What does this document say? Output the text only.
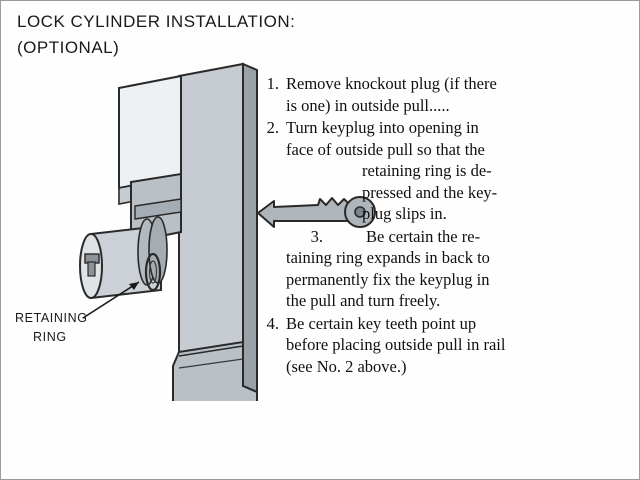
LOCK CYLINDER INSTALLATION:
(OPTIONAL)
RETAINING
RING
1. Remove knockout plug (if there
is one) in outside pull.....
2. Turn keyplug into opening in
face of outside pull so that the
retaining ring is de-
pressed and the key-
plug slips in.
3.	Be certain the re-
taining ring expands in back to
permanently fix the keyplug in
the pull and turn freely.
4. Be certain key teeth point up
before placing outside pull in rail
(see No. 2 above.)
